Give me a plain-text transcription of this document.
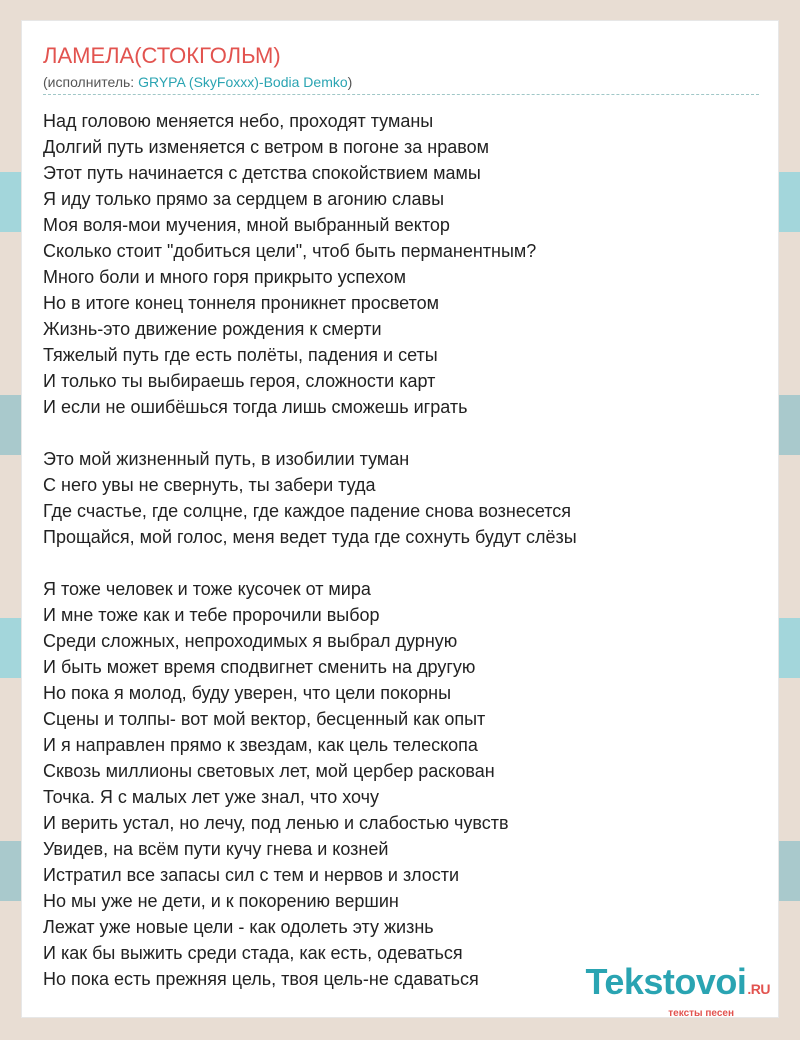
ЛАМЕЛА(СТОКГОЛЬМ)
(исполнитель: GRYPA (SkyFoxxx)-Bodia Demko)
Над головою меняется небо, проходят туманы
Долгий путь изменяется с ветром в погоне за нравом
Этот путь начинается с детства спокойствием мамы
Я иду только прямо за сердцем в агонию славы
Моя воля-мои мучения, мной выбранный вектор
Сколько стоит "добиться цели", чтоб быть перманентным?
Много боли и много горя прикрыто успехом
Но в итоге конец тоннеля проникнет просветом
Жизнь-это движение рождения к смерти
Тяжелый путь где есть полёты, падения и сеты
И только ты выбираешь героя, сложности карт
И если не ошибёшься тогда лишь сможешь играть
Это мой жизненный путь, в изобилии туман
С него увы не свернуть, ты забери туда
Где счастье, где солцне, где каждое падение снова вознесется
Прощайся, мой голос, меня ведет туда где сохнуть будут слёзы
Я тоже человек и тоже кусочек от мира
И мне тоже как и тебе пророчили выбор
Среди сложных, непроходимых я выбрал дурную
И быть может время сподвигнет сменить на другую
Но пока я молод, буду уверен, что цели покорны
Сцены и толпы- вот мой вектор, бесценный как опыт
И я направлен прямо к звездам, как цель телескопа
Сквозь миллионы световых лет, мой цербер раскован
Точка. Я с малых лет уже знал, что хочу
И верить устал, но лечу, под ленью и слабостью чувств
Увидев, на всём пути кучу гнева и козней
Истратил все запасы сил с тем и нервов и злости
Но мы уже не дети, и к покорению вершин
Лежат уже новые цели - как одолеть эту жизнь
И как бы выжить среди стада, как есть, одеваться
Но пока есть прежняя цель, твоя цель-не сдаваться	Tekstovoi.RU
тексты песен
